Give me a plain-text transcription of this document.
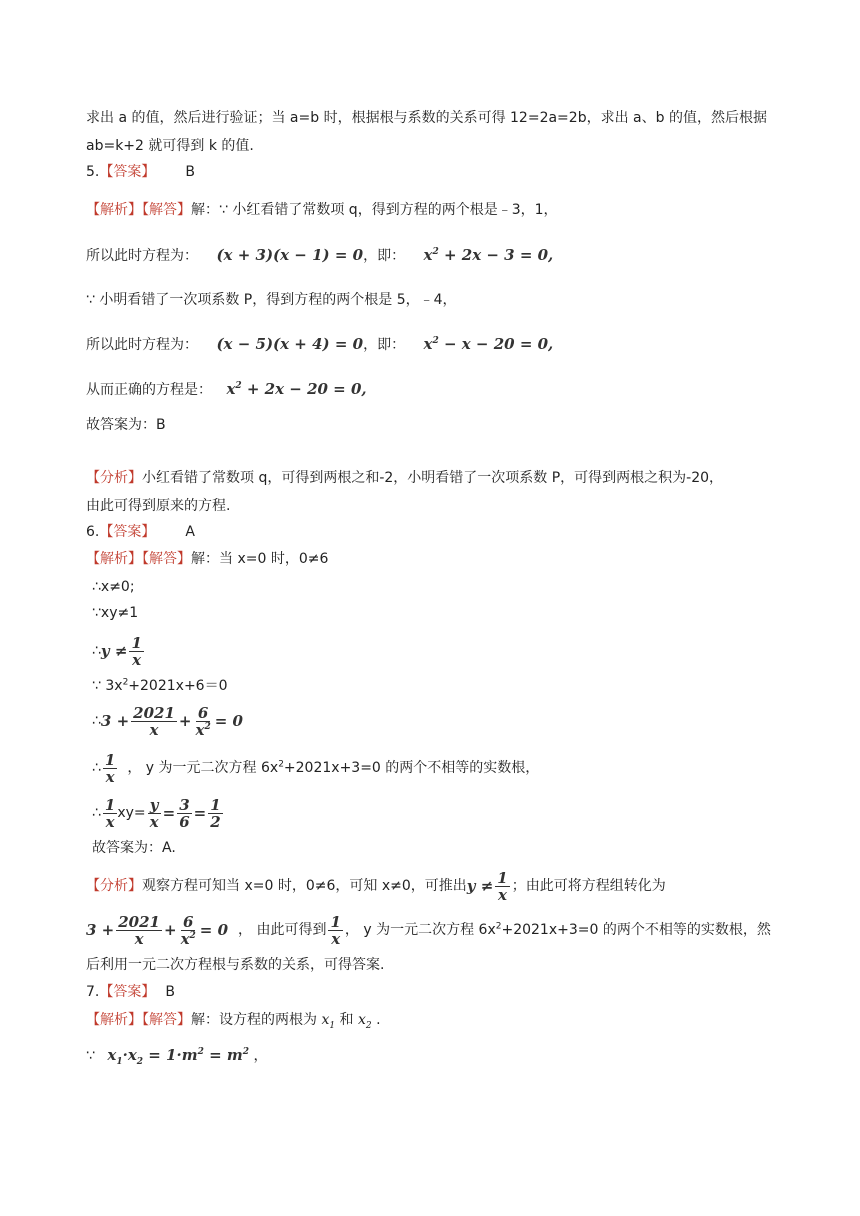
求出 a 的值，然后进行验证；当 a=b 时，根据根与系数的关系可得 12=2a=2b，求出 a、b 的值，然后根据
ab=k+2 就可得到 k 的值.
5.【答案】 B
【解析】【解答】解：∵ 小红看错了常数项 q，得到方程的两个根是﹣3，1，
所以此时方程为： (x + 3)(x − 1) = 0，即： $x^2 + 2x - 3 = 0$,
∵ 小明看错了一次项系数 P，得到方程的两个根是 5，﹣4，
所以此时方程为： (x − 5)(x + 4) = 0，即： $x^2 - x - 20 = 0$,
从而正确的方程是： $x^2 + 2x - 20 = 0$,
故答案为：B
【分析】小红看错了常数项 q，可得到两根之和-2，小明看错了一次项系数 P，可得到两根之积为-20，
由此可得到原来的方程.
6.【答案】 A
【解析】【解答】解：当 x=0 时，0≠6
∴x≠0;
∵xy≠1
∴ $y \ne \frac{1}{x}$
∵ $3x^2+2021x+6=0$
∴ $3 + \frac{2021}{x} + \frac{6}{x^2} = 0$
∴ $\frac{1}{x}$ ， y 为一元二次方程 $6x^2+2021x+3=0$ 的两个不相等的实数根，
∴ $\frac{1}{x} xy= \frac{y}{x} = \frac{3}{6} = \frac{1}{2}$
故答案为：A.
【分析】 观察方程可知当 x=0 时，0≠6，可知 x≠0，可推出 $y \ne \frac{1}{x}$ ；由此可将方程组转化为
$3 + \frac{2021}{x} + \frac{6}{x^2} = 0$ ， 由此可得到 $\frac{1}{x}$ ， y 为一元二次方程 $6x^2+2021x+3=0$ 的两个不相等的实数根，然
后利用一元二次方程根与系数的关系，可得答案.
7.【答案】 B
【解析】【解答】解：设方程的两根为 $x_1$ 和 $x_2$ .
∵ $x_1\cdot x_2 = 1\cdot m^2 = m^2$ ，
